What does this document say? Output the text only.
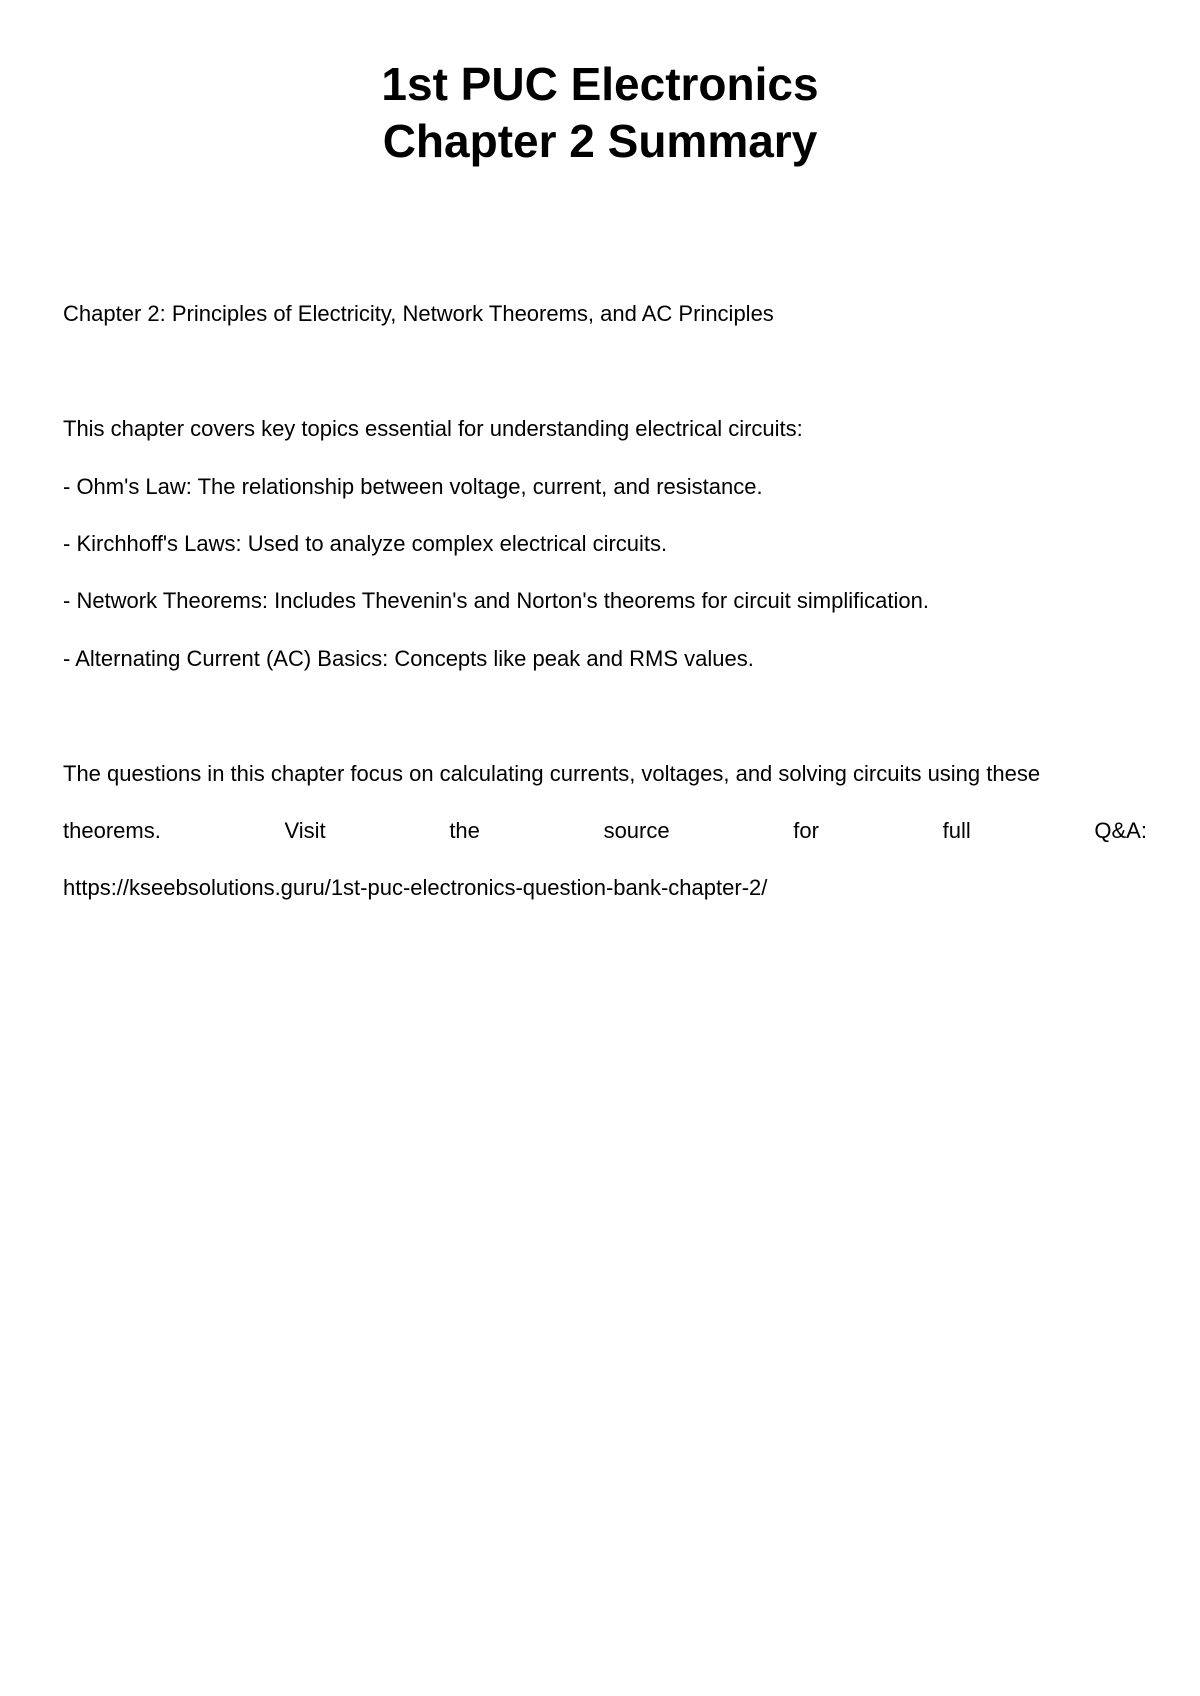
1st PUC Electronics
Chapter 2 Summary

Chapter 2: Principles of Electricity, Network Theorems, and AC Principles

This chapter covers key topics essential for understanding electrical circuits:

- Ohm's Law: The relationship between voltage, current, and resistance.

- Kirchhoff's Laws: Used to analyze complex electrical circuits.

- Network Theorems: Includes Thevenin's and Norton's theorems for circuit simplification.

- Alternating Current (AC) Basics: Concepts like peak and RMS values.

The questions in this chapter focus on calculating currents, voltages, and solving circuits using these

theorems.	Visit	the	source	for	full	Q&A:

https://kseebsolutions.guru/1st-puc-electronics-question-bank-chapter-2/
